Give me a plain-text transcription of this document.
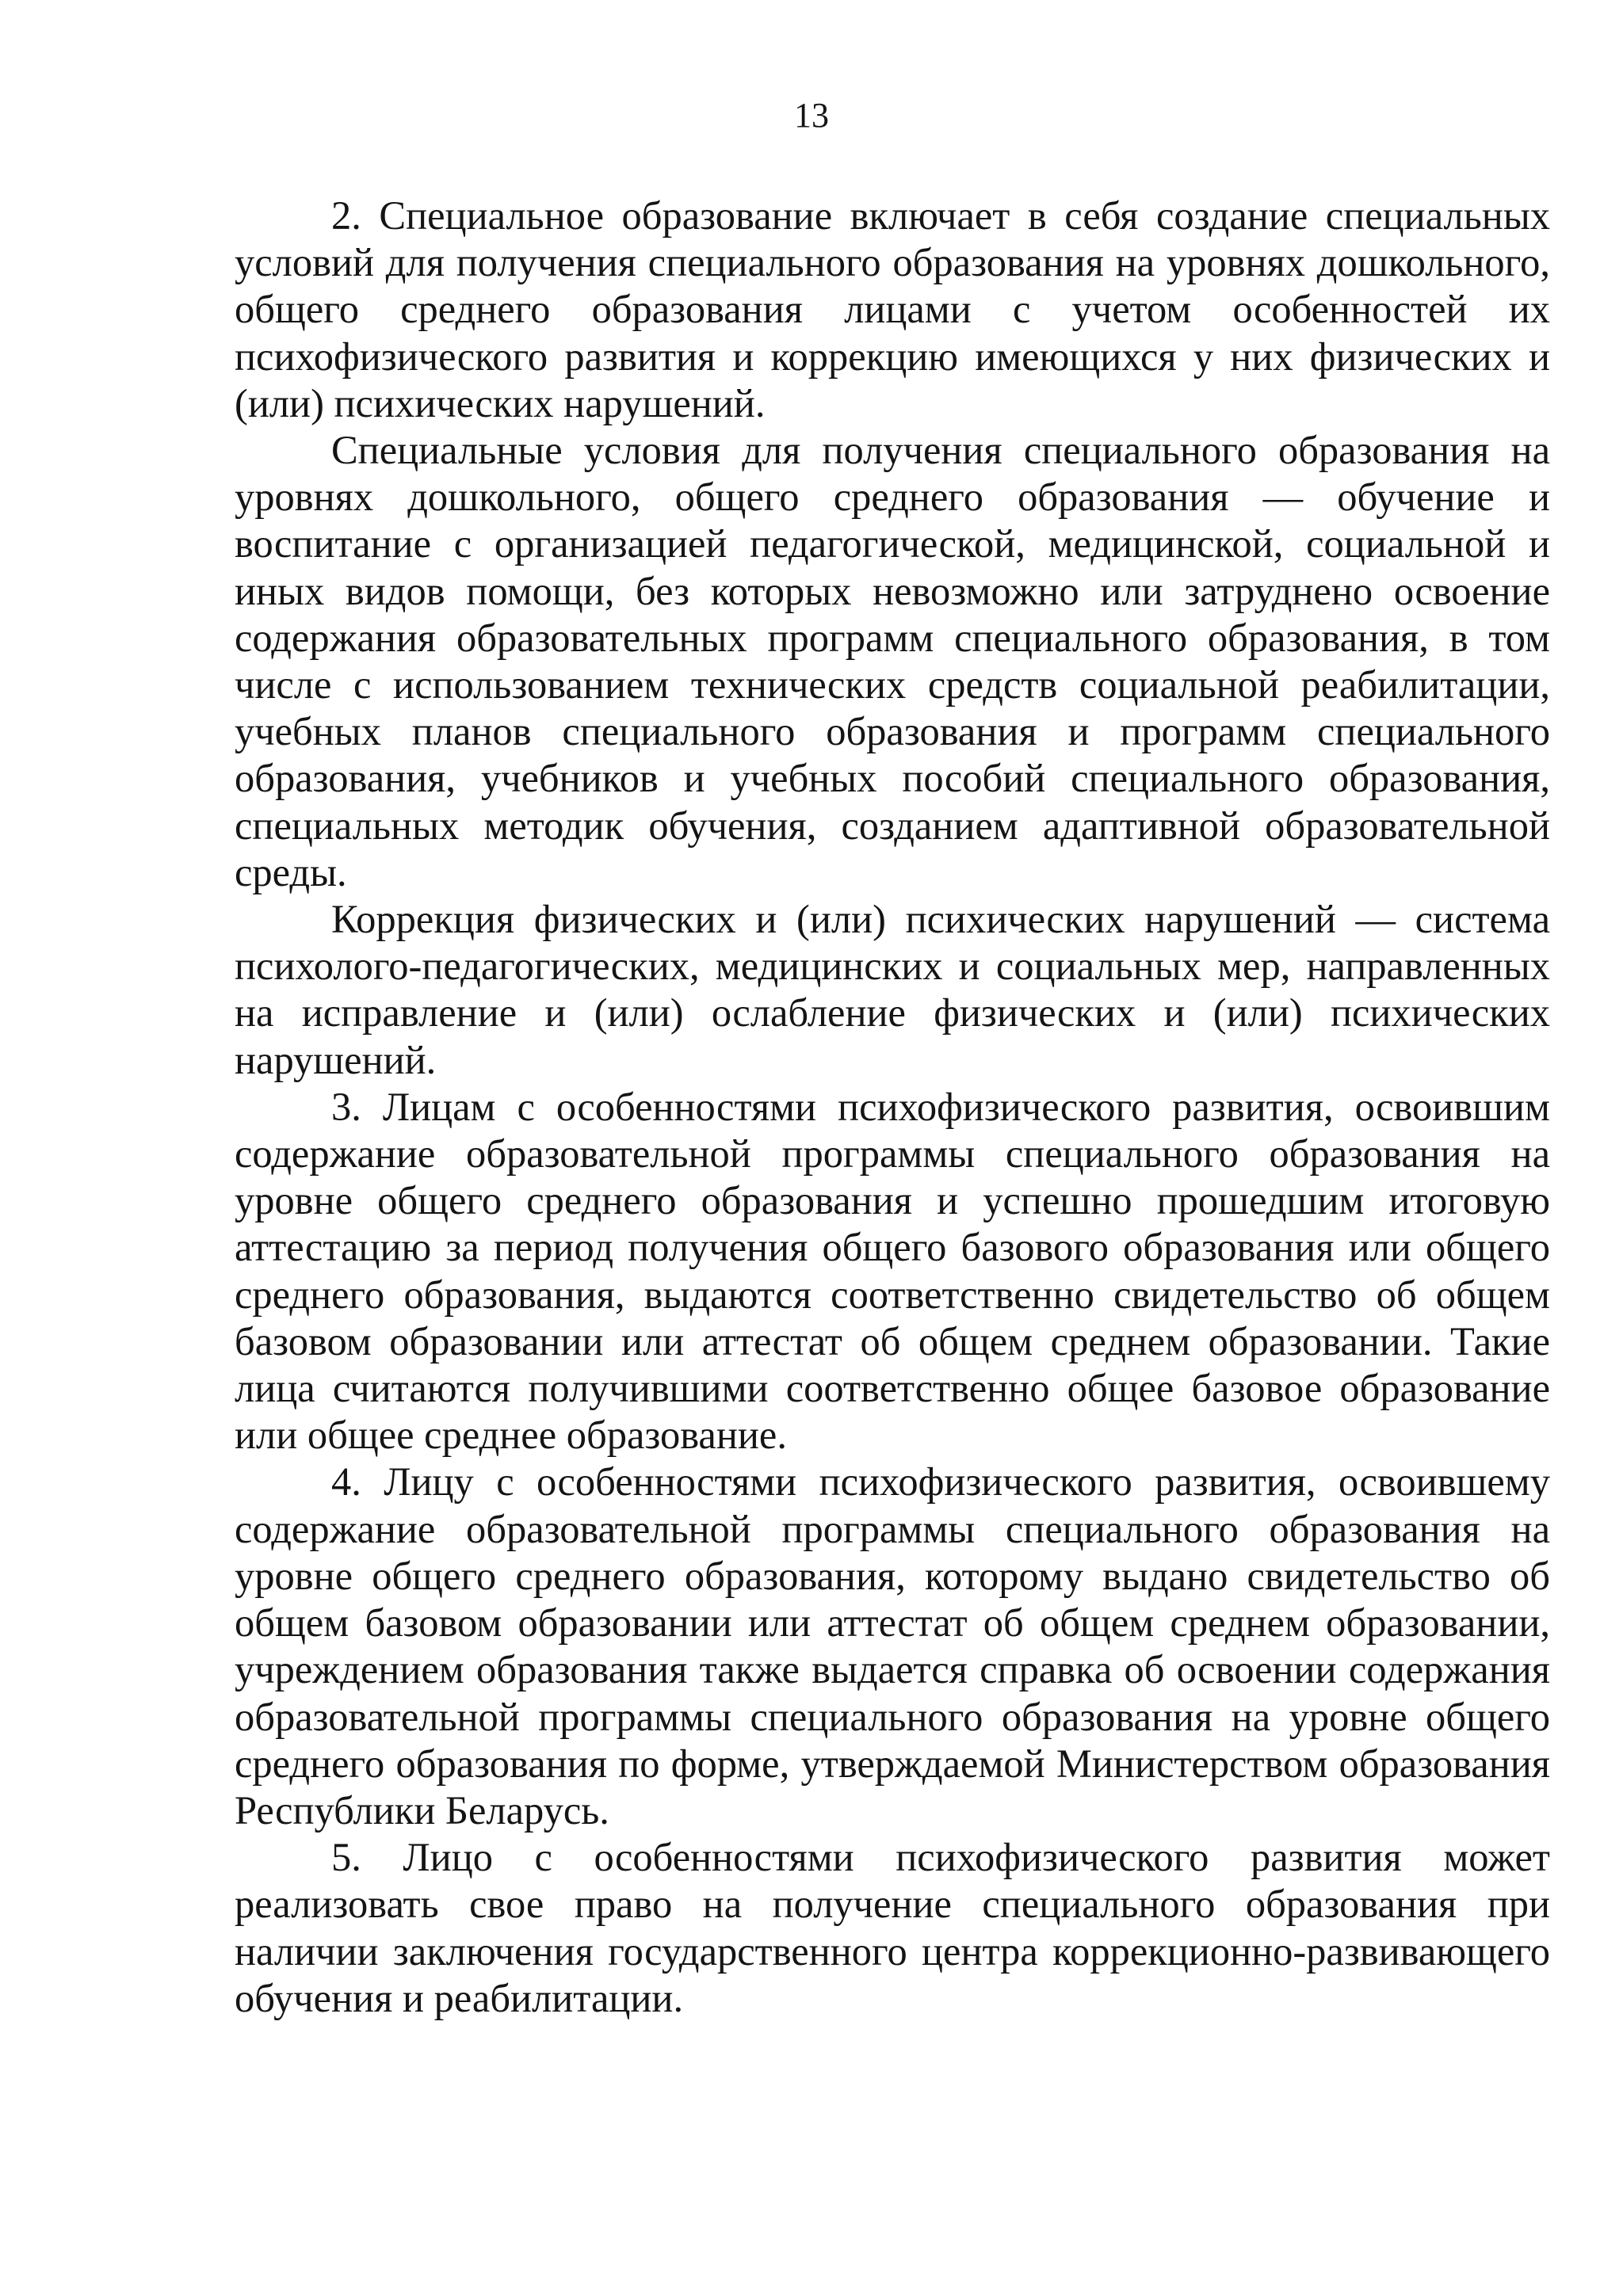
13

2. Специальное образование включает в себя создание специальных условий для получения специального образования на уровнях дошкольного, общего среднего образования лицами с учетом особенностей их психофизического развития и коррекцию имеющихся у них физических и (или) психических нарушений.

Специальные условия для получения специального образования на уровнях дошкольного, общего среднего образования — обучение и воспитание с организацией педагогической, медицинской, социальной и иных видов помощи, без которых невозможно или затруднено освоение содержания образовательных программ специального образования, в том числе с использованием технических средств социальной реабилитации, учебных планов специального образования и программ специального образования, учебников и учебных пособий специального образования, специальных методик обучения, созданием адаптивной образовательной среды.

Коррекция физических и (или) психических нарушений — система психолого-педагогических, медицинских и социальных мер, направленных на исправление и (или) ослабление физических и (или) психических нарушений.

3. Лицам с особенностями психофизического развития, освоившим содержание образовательной программы специального образования на уровне общего среднего образования и успешно прошедшим итоговую аттестацию за период получения общего базового образования или общего среднего образования, выдаются соответственно свидетельство об общем базовом образовании или аттестат об общем среднем образовании. Такие лица считаются получившими соответственно общее базовое образование или общее среднее образование.

4. Лицу с особенностями психофизического развития, освоившему содержание образовательной программы специального образования на уровне общего среднего образования, которому выдано свидетельство об общем базовом образовании или аттестат об общем среднем образовании, учреждением образования также выдается справка об освоении содержания образовательной программы специального образования на уровне общего среднего образования по форме, утверждаемой Министерством образования Республики Беларусь.

5. Лицо с особенностями психофизического развития может реализовать свое право на получение специального образования при наличии заключения государственного центра коррекционно-развивающего обучения и реабилитации.
